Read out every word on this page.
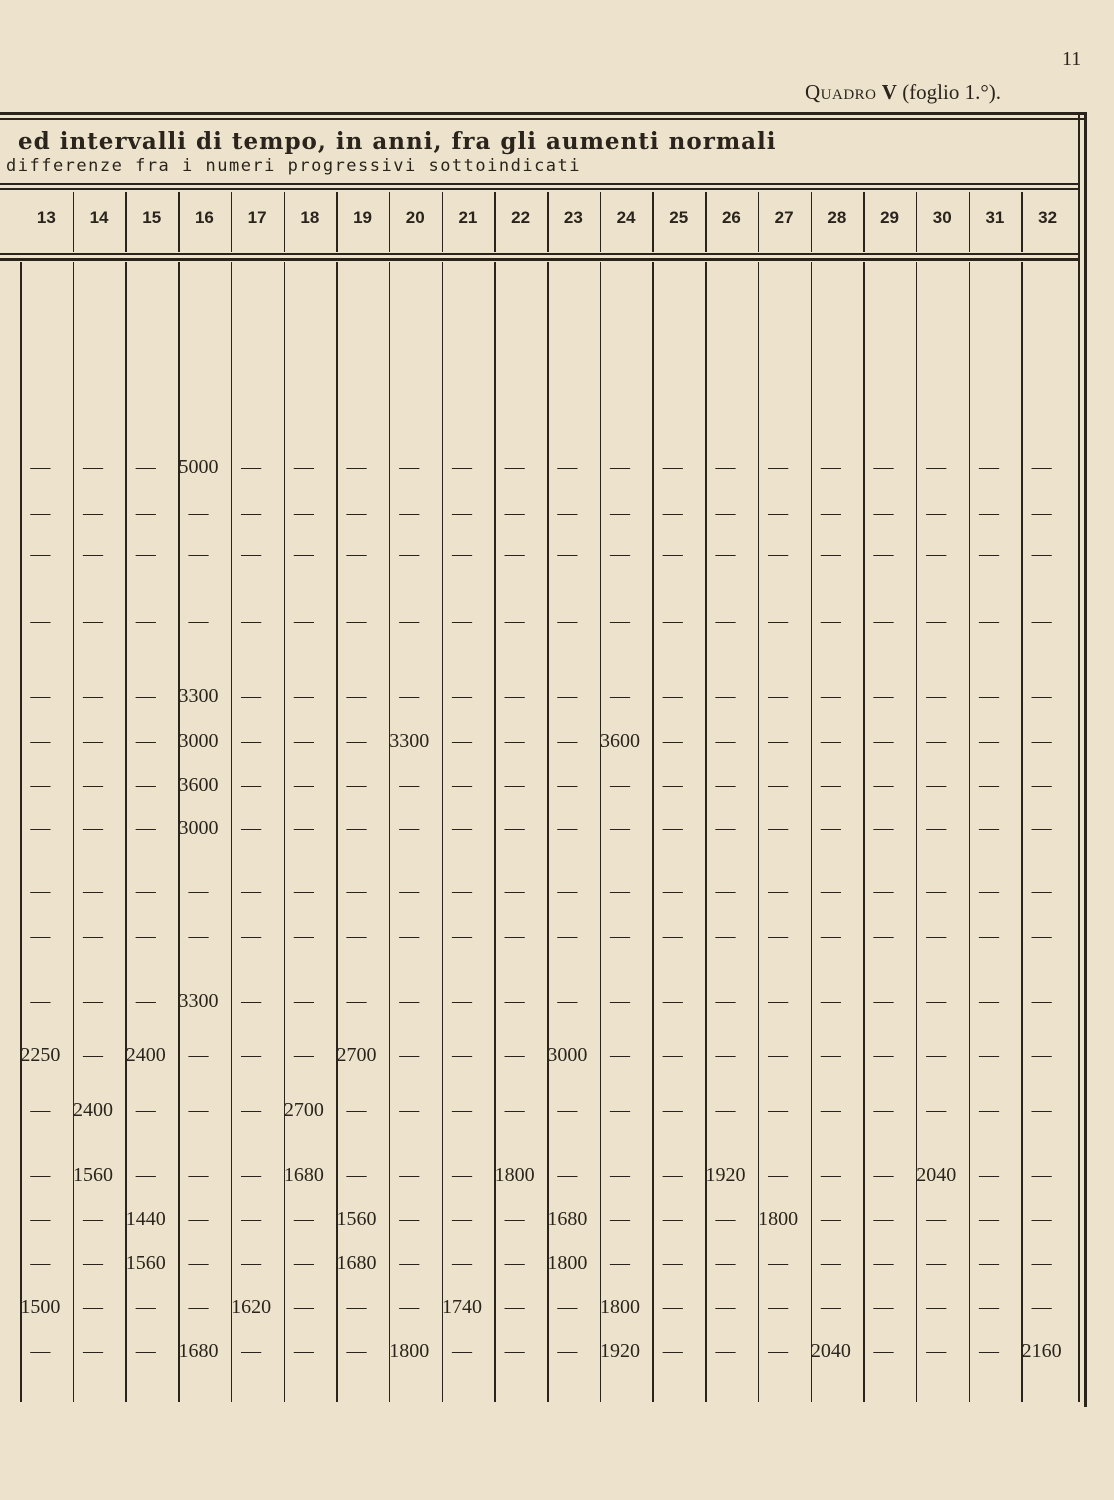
11
Quadro V (foglio 1.°).
ed intervalli di tempo, in anni, fra gli aumenti normali
differenze fra i numeri progressivi sottoindicati
13	14	15	16	17	18	19	20	21	22	23	24	25	26	27	28	29	30	31	32
—	—	—	5000	—	—	—	—	—	—	—	—	—	—	—	—	—	—	—	—
—	—	—	—	—	—	—	—	—	—	—	—	—	—	—	—	—	—	—	—
—	—	—	—	—	—	—	—	—	—	—	—	—	—	—	—	—	—	—	—
—	—	—	—	—	—	—	—	—	—	—	—	—	—	—	—	—	—	—	—
—	—	—	3300	—	—	—	—	—	—	—	—	—	—	—	—	—	—	—	—
—	—	—	3000	—	—	—	3300	—	—	—	3600	—	—	—	—	—	—	—	—
—	—	—	3600	—	—	—	—	—	—	—	—	—	—	—	—	—	—	—	—
—	—	—	3000	—	—	—	—	—	—	—	—	—	—	—	—	—	—	—	—
—	—	—	—	—	—	—	—	—	—	—	—	—	—	—	—	—	—	—	—
—	—	—	—	—	—	—	—	—	—	—	—	—	—	—	—	—	—	—	—
—	—	—	3300	—	—	—	—	—	—	—	—	—	—	—	—	—	—	—	—
2250	—	2400	—	—	—	2700	—	—	—	3000	—	—	—	—	—	—	—	—	—
—	2400	—	—	—	2700	—	—	—	—	—	—	—	—	—	—	—	—	—	—
—	1560	—	—	—	1680	—	—	—	1800	—	—	—	1920	—	—	—	2040	—	—
—	—	1440	—	—	—	1560	—	—	—	1680	—	—	—	1800	—	—	—	—	—
—	—	1560	—	—	—	1680	—	—	—	1800	—	—	—	—	—	—	—	—	—
1500	—	—	—	1620	—	—	—	1740	—	—	1800	—	—	—	—	—	—	—	—
—	—	—	1680	—	—	—	1800	—	—	—	1920	—	—	—	2040	—	—	—	2160
